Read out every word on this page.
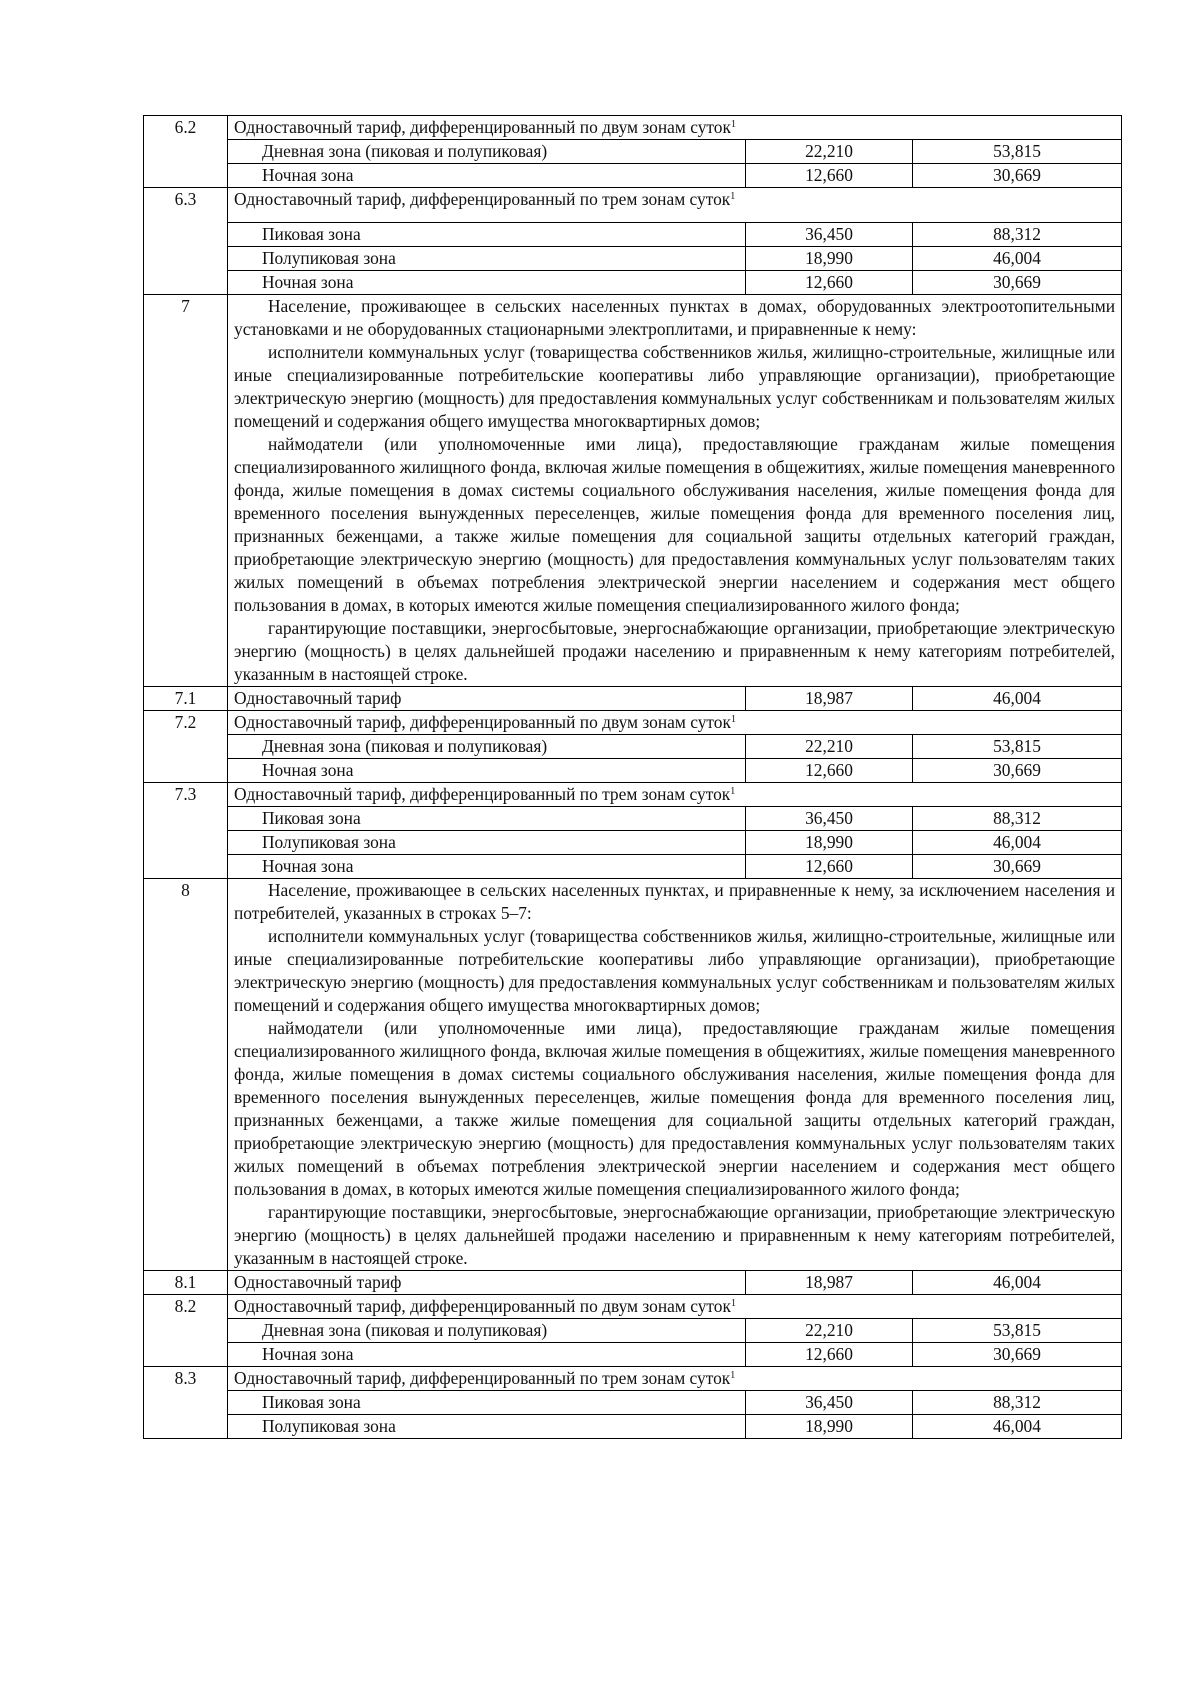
6.2	Одноставочный тариф, дифференцированный по двум зонам суток$^1$
	Дневная зона (пиковая и полупиковая)	22,210	53,815
	Ночная зона	12,660	30,669
6.3	Одноставочный тариф, дифференцированный по трем зонам суток$^1$
	Пиковая зона	36,450	88,312
	Полупиковая зона	18,990	46,004
	Ночная зона	12,660	30,669
7	Население, проживающее в сельских населенных пунктах в домах, оборудованных электроотопительными установками и не оборудованных стационарными электроплитами, и приравненные к нему:

исполнители коммунальных услуг (товарищества собственников жилья, жилищно-строительные, жилищные или иные специализированные потребительские кооперативы либо управляющие организации), приобретающие электрическую энергию (мощность) для предоставления коммунальных услуг собственникам и пользователям жилых помещений и содержания общего имущества многоквартирных домов;

наймодатели (или уполномоченные ими лица), предоставляющие гражданам жилые помещения специализированного жилищного фонда, включая жилые помещения в общежитиях, жилые помещения маневренного фонда, жилые помещения в домах системы социального обслуживания населения, жилые помещения фонда для временного поселения вынужденных переселенцев, жилые помещения фонда для временного поселения лиц, признанных беженцами, а также жилые помещения для социальной защиты отдельных категорий граждан, приобретающие электрическую энергию (мощность) для предоставления коммунальных услуг пользователям таких жилых помещений в объемах потребления электрической энергии населением и содержания мест общего пользования в домах, в которых имеются жилые помещения специализированного жилого фонда;

гарантирующие поставщики, энергосбытовые, энергоснабжающие организации, приобретающие электрическую энергию (мощность) в целях дальнейшей продажи населению и приравненным к нему категориям потребителей, указанным в настоящей строке.		

7.1	Одноставочный тариф	18,987	46,004
7.2	Одноставочный тариф, дифференцированный по двум зонам суток$^1$
	Дневная зона (пиковая и полупиковая)	22,210	53,815
	Ночная зона	12,660	30,669
7.3	Одноставочный тариф, дифференцированный по трем зонам суток$^1$
	Пиковая зона	36,450	88,312
	Полупиковая зона	18,990	46,004
	Ночная зона	12,660	30,669
8	Население, проживающее в сельских населенных пунктах, и приравненные к нему, за исключением населения и потребителей, указанных в строках 5–7:

исполнители коммунальных услуг (товарищества собственников жилья, жилищно-строительные, жилищные или иные специализированные потребительские кооперативы либо управляющие организации), приобретающие электрическую энергию (мощность) для предоставления коммунальных услуг собственникам и пользователям жилых помещений и содержания общего имущества многоквартирных домов;

наймодатели (или уполномоченные ими лица), предоставляющие гражданам жилые помещения специализированного жилищного фонда, включая жилые помещения в общежитиях, жилые помещения маневренного фонда, жилые помещения в домах системы социального обслуживания населения, жилые помещения фонда для временного поселения вынужденных переселенцев, жилые помещения фонда для временного поселения лиц, признанных беженцами, а также жилые помещения для социальной защиты отдельных категорий граждан, приобретающие электрическую энергию (мощность) для предоставления коммунальных услуг пользователям таких жилых помещений в объемах потребления электрической энергии населением и содержания мест общего пользования в домах, в которых имеются жилые помещения специализированного жилого фонда;

гарантирующие поставщики, энергосбытовые, энергоснабжающие организации, приобретающие электрическую энергию (мощность) в целях дальнейшей продажи населению и приравненным к нему категориям потребителей, указанным в настоящей строке.		

8.1	Одноставочный тариф	18,987	46,004
8.2	Одноставочный тариф, дифференцированный по двум зонам суток$^1$
	Дневная зона (пиковая и полупиковая)	22,210	53,815
	Ночная зона	12,660	30,669
8.3	Одноставочный тариф, дифференцированный по трем зонам суток$^1$
	Пиковая зона	36,450	88,312
	Полупиковая зона	18,990	46,004
